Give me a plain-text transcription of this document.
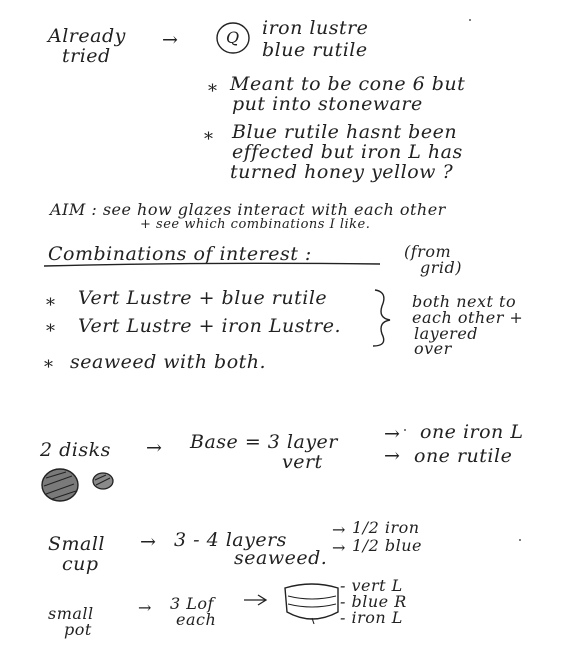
Already
tried
→	Q iron lustre
blue rutile
* Meant to be cone 6 but
put into stoneware
* Blue rutile hasnt been
effected but iron L has
turned honey yellow ?
AIM : see how glazes interact with each other
+ see which combinations I like.
Combinations of interest :	(from
grid)
* Vert Lustre + blue rutile
* Vert Lustre + iron Lustre.
* seaweed with both.
both next to
each other +
layered
over
2 disks → Base = 3 layer
vert
→ one iron L
→ one rutile
Small
cup
→ 3 - 4 layers
seaweed.
→ 1/2 iron
→ 1/2 blue
small
pot
→ 3 Lof
each
- vert L
- blue R
- iron L
